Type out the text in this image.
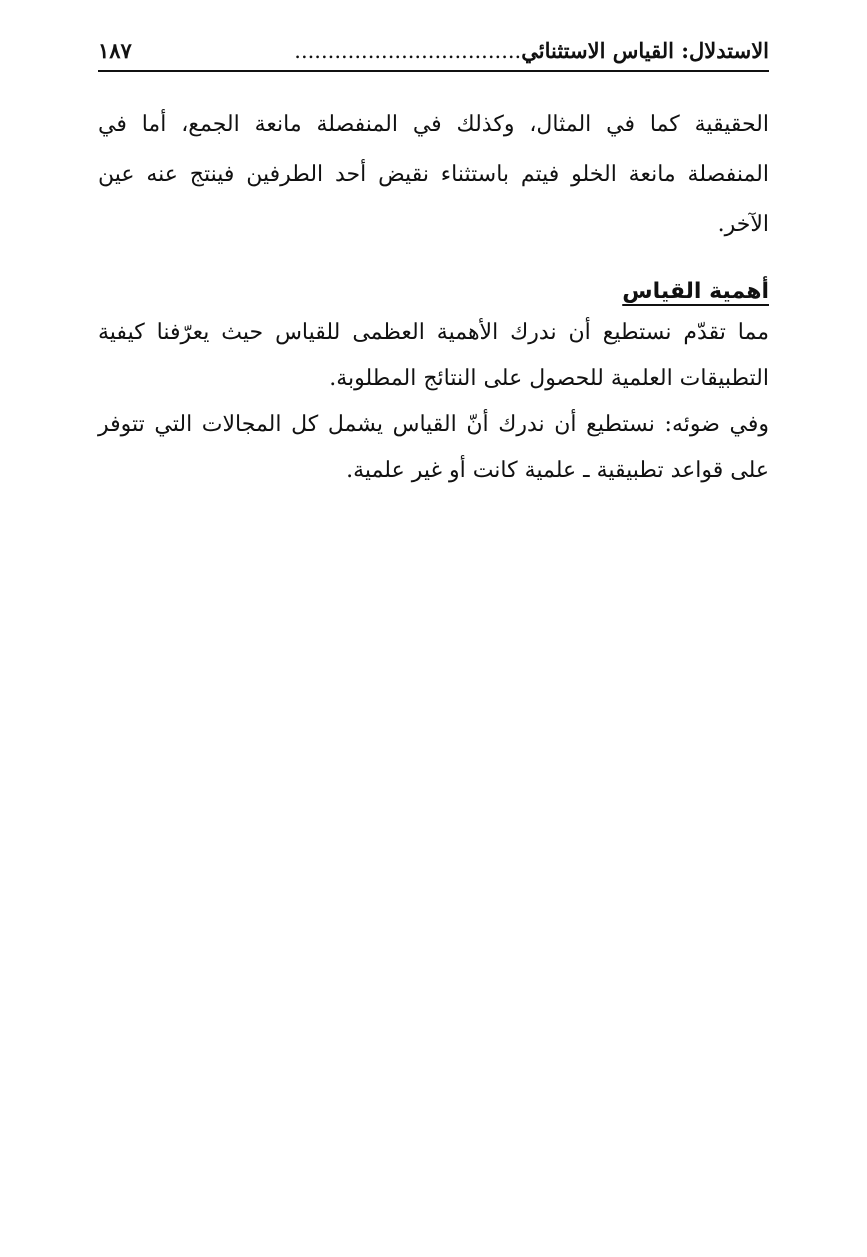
الاستدلال: القياس الاستثنائي..................................
١٨٧

الحقيقية كما في المثال، وكذلك في المنفصلة مانعة الجمع، أما في المنفصلة مانعة الخلو فيتم باستثناء نقيض أحد الطرفين فينتج عنه عين الآخر.

أهمية القياس

مما تقدّم نستطيع أن ندرك الأهمية العظمى للقياس حيث يعرّفنا كيفية التطبيقات العلمية للحصول على النتائج المطلوبة.

وفي ضوئه: نستطيع أن ندرك أنّ القياس يشمل كل المجالات التي تتوفر على قواعد تطبيقية ـ علمية كانت أو غير علمية.
